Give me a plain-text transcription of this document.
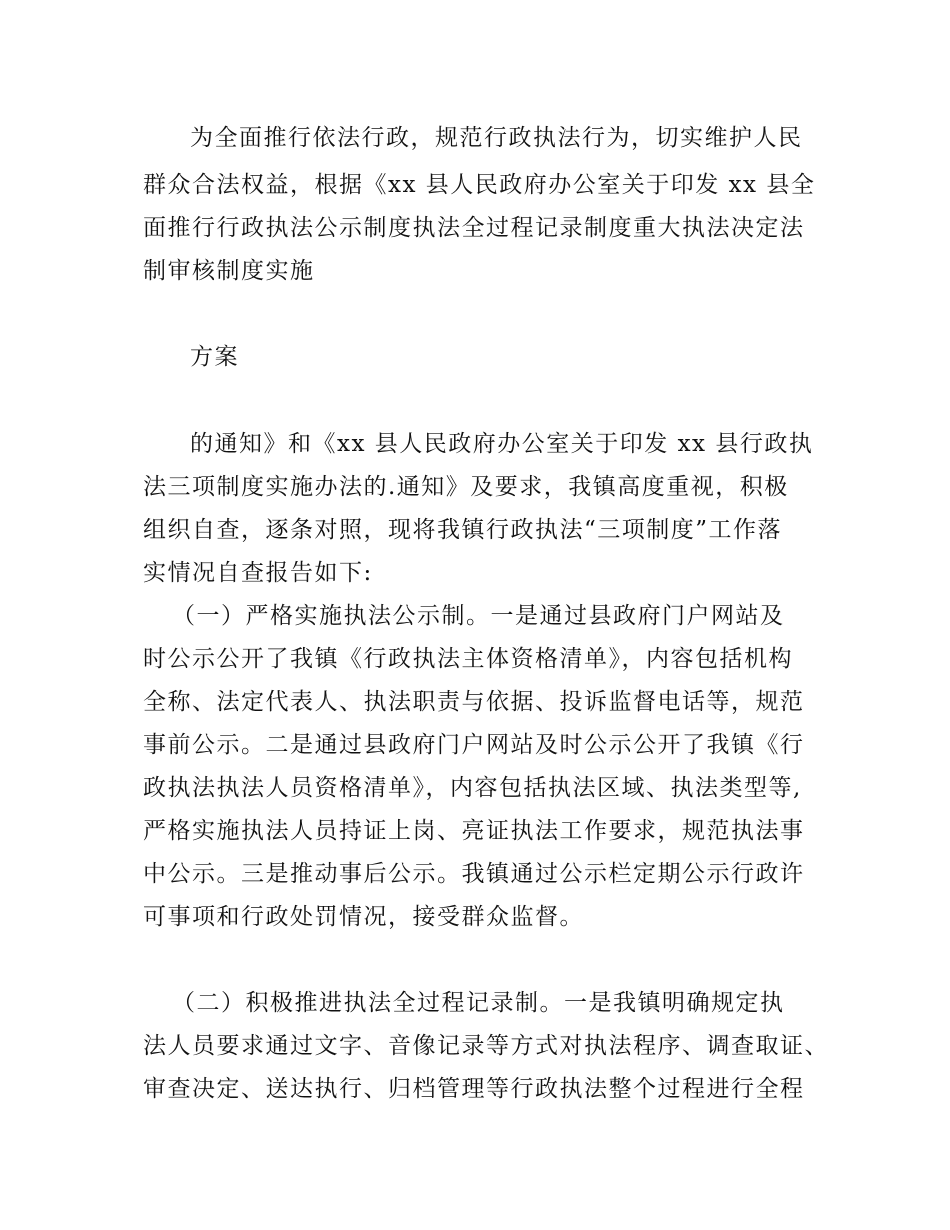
为全面推行依法行政，规范行政执法行为，切实维护人民
群众合法权益，根据《xx 县人民政府办公室关于印发 xx 县全
面推行行政执法公示制度执法全过程记录制度重大执法决定法
制审核制度实施
方案
的通知》和《xx 县人民政府办公室关于印发 xx 县行政执
法三项制度实施办法的.通知》及要求，我镇高度重视，积极
组织自查，逐条对照，现将我镇行政执法“三项制度”工作落
实情况自查报告如下:
（一）严格实施执法公示制。一是通过县政府门户网站及
时公示公开了我镇《行政执法主体资格清单》，内容包括机构
全称、法定代表人、执法职责与依据、投诉监督电话等，规范
事前公示。二是通过县政府门户网站及时公示公开了我镇《行
政执法执法人员资格清单》，内容包括执法区域、执法类型等,
严格实施执法人员持证上岗、亮证执法工作要求，规范执法事
中公示。三是推动事后公示。我镇通过公示栏定期公示行政许
可事项和行政处罚情况，接受群众监督。
（二）积极推进执法全过程记录制。一是我镇明确规定执
法人员要求通过文字、音像记录等方式对执法程序、调查取证、
审查决定、送达执行、归档管理等行政执法整个过程进行全程
